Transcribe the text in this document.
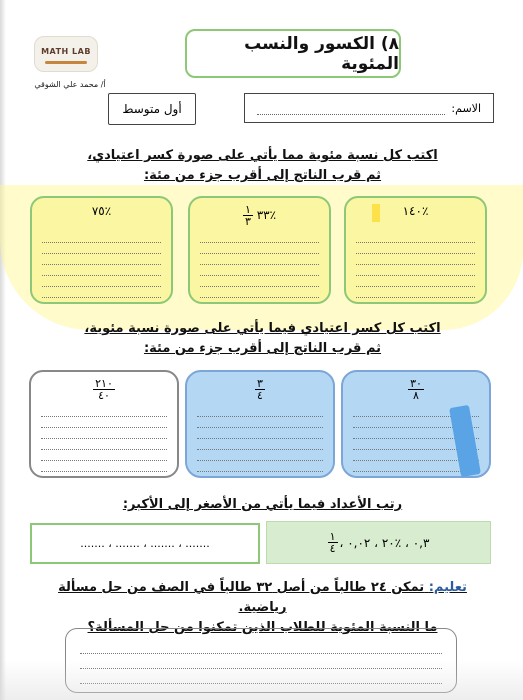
MATH LAB
أ/ محمد علي الشوقي
٨) الكسور والنسب المئوية
الاسم:
أول متوسط
اكتب كل نسبة مئوية مما يأتي على صورة كسر اعتيادي،
ثم قرب الناتج إلى أقرب جزء من مئة:
٪١٤٠
٪٣٣
$\frac{١}{٣}$
٪٧٥
اكتب كل كسر اعتيادي فيما يأتي على صورة نسبة مئوية،
ثم قرب الناتج إلى أقرب جزء من مئة:
$\frac{٣٠}{٨}$
$\frac{٣}{٤}$
$\frac{٢١٠}{٤٠}$
رتب الأعداد فيما يأتي من الأصغر إلى الأكبر:
٠,٣ ، ٪٢٠ ، ٠,٠٢ ،
$\frac{١}{٤}$
....... ، ....... ، ....... ، .......
تعليم: تمكن ٢٤ طالباً من أصل ٣٢ طالباً في الصف من حل مسألة رياضية.
ما النسبة المئوية للطلاب الذين تمكنوا من حل المسألة؟
